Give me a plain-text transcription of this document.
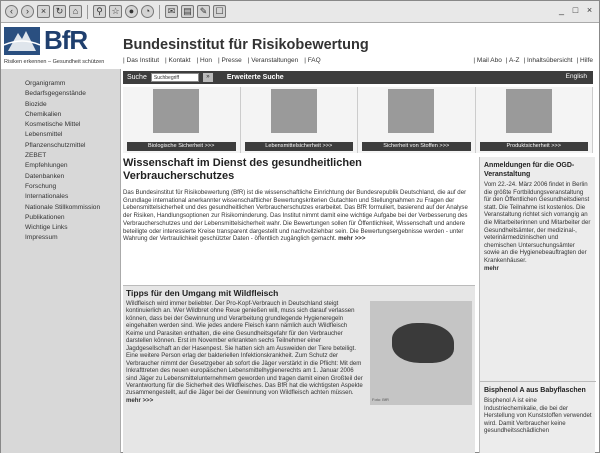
‹	›	×	↻	⌂	⚲ ☆	●	◔	✉ ▤ ✎ ☐	_ □ ×
BfR
Risiken erkennen – Gesundheit schützen
Bundesinstitut für Risikobewertung
| Das Institut | Kontakt | Hon | Presse | Veranstaltungen | FAQ	| Mail Abo | A-Z | Inhaltsübersicht | Hilfe
Suche
Suchbegriff	»	Erweiterte Suche	English
Organigramm
Bedarfsgegenstände
Biozide
Chemikalien
Kosmetische Mittel
Lebensmittel
Pflanzenschutzmittel
ZEBET
Empfehlungen
Datenbanken
Forschung
Internationales
Nationale Stillkommission
Publikationen
Wichtige Links
Impressum
Biologische Sicherheit >>>	Lebensmittelsicherheit >>>	Sicherheit von Stoffen >>>	Produktsicherheit >>>
Wissenschaft im Dienst des gesundheitlichen Verbraucherschutzes

Das Bundesinstitut für Risikobewertung (BfR) ist die wissenschaftliche Einrichtung der Bundesrepublik Deutschland, die auf der Grundlage international anerkannter wissenschaftlicher Bewertungskriterien Gutachten und Stellungnahmen zu Fragen der Lebensmittelsicherheit und des gesundheitlichen Verbraucherschutzes erarbeitet. Das BfR formuliert, basierend auf der Analyse der Risiken, Handlungsoptionen zur Risikominderung. Das Institut nimmt damit eine wichtige Aufgabe bei der Verbesserung des Verbraucherschutzes und der Lebensmittelsicherheit wahr. Die Bewertungen sollen für Öffentlichkeit, Wissenschaft und andere beteiligte oder interessierte Kreise transparent dargestellt und nachvollziehbar sein. Die Bewertungsergebnisse werden - unter Wahrung der Vertraulichkeit geschützter Daten - öffentlich zugänglich gemacht. mehr >>>

Tipps für den Umgang mit Wildfleisch
Foto: BfR
Wildfleisch wird immer beliebter. Der Pro-Kopf-Verbrauch in Deutschland steigt kontinuierlich an. Wer Wildbret ohne Reue genießen will, muss sich darauf verlassen können, dass bei der Gewinnung und Verarbeitung grundlegende Hygieneregeln eingehalten werden sind. Wie jedes andere Fleisch kann nämlich auch Wildfleisch Keime und Parasiten enthalten, die eine Gesundheitsgefahr für den Verbraucher darstellen können. Erst im November erkrankten sechs Teilnehmer einer Jagdgesellschaft an der Hasenpest. Sie hatten sich am Ausweiden der Tiere beteiligt. Eine weitere Person erlag der bakteriellen Infektionskrankheit. Zum Schutz der Verbraucher nimmt der Gesetzgeber ab sofort die Jäger verstärkt in die Pflicht: Mit dem Inkrafttreten des neuen europäischen Lebensmittelhygienerechts am 1. Januar 2006 sind Jäger zu Lebensmittelunternehmern geworden und tragen damit einen Großteil der Verantwortung für die Sicherheit des Wildfleisches. Das BfR hat die wichtigsten Aspekte zusammengestellt, auf die Jäger bei der Gewinnung von Wildfleisch achten müssen. mehr >>>
Anmeldungen für die OGD-Veranstaltung

Vom 22.-24. März 2006 findet in Berlin die größte Fortbildungsveranstaltung für den Öffentlichen Gesundheitsdienst statt. Die Teilnahme ist kostenlos. Die Veranstaltung richtet sich vorrangig an die Mitarbeiterinnen und Mitarbeiter der Gesundheitsämter, der medizinal-, veterinärmedizinischen und chemischen Untersuchungsämter sowie an die Hygienebeauftragten der Krankenhäuser.
mehr

Bisphenol A aus Babyflaschen

Bisphenol A ist eine Industriechemikalie, die bei der Herstellung von Kunststoffen verwendet wird. Damit Verbraucher keine gesundheitsschädlichen
